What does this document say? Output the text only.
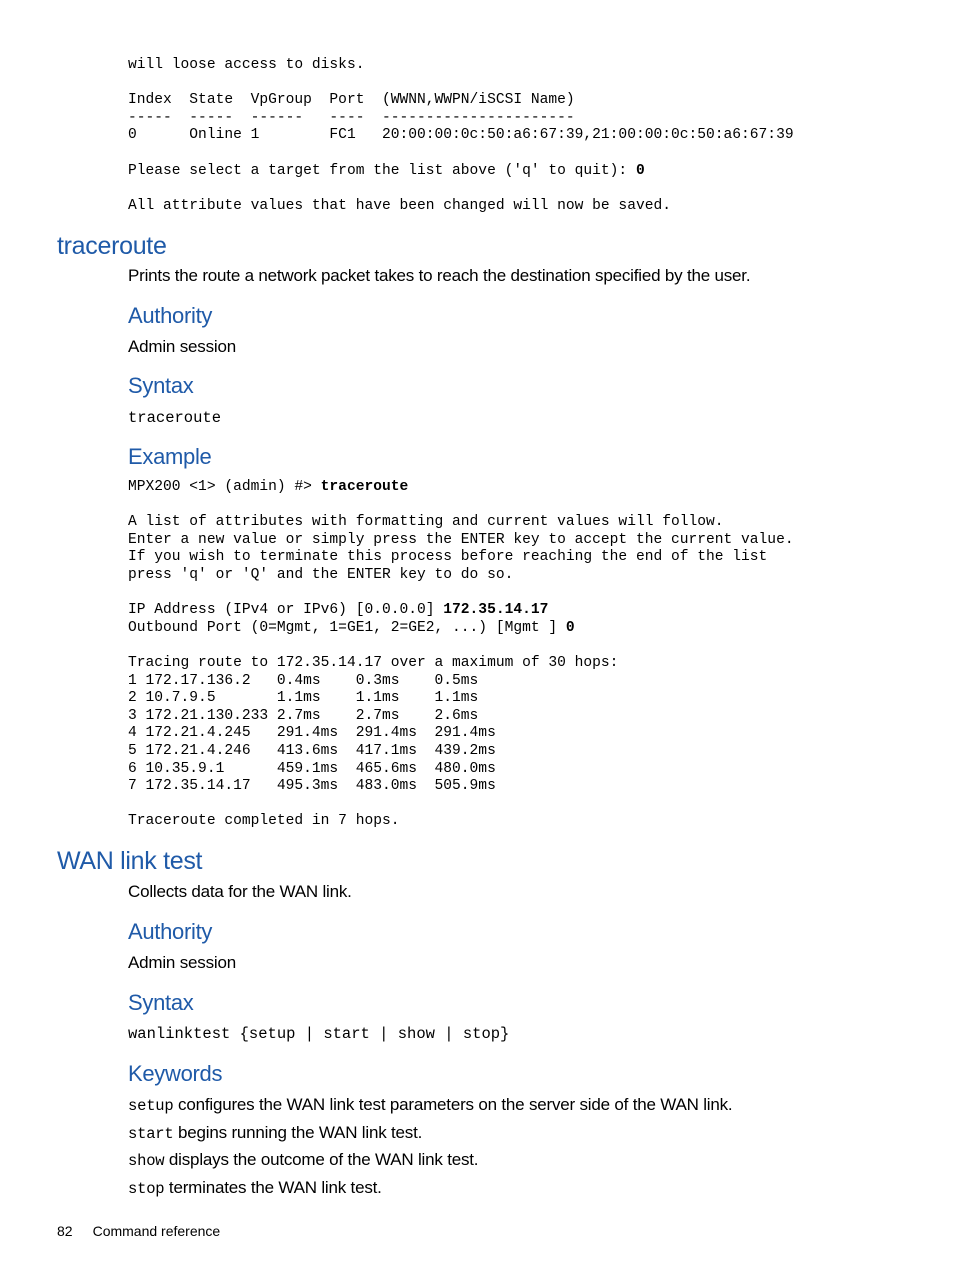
will loose access to disks.

Index  State  VpGroup  Port  (WWNN,WWPN/iSCSI Name)
-----  -----  ------   ----  ----------------------
0      Online 1        FC1   20:00:00:0c:50:a6:67:39,21:00:00:0c:50:a6:67:39

Please select a target from the list above ('q' to quit): 0

All attribute values that have been changed will now be saved.
traceroute

Prints the route a network packet takes to reach the destination specified by the user.

Authority

Admin session

Syntax
traceroute
Example
MPX200 <1> (admin) #> traceroute

A list of attributes with formatting and current values will follow.
Enter a new value or simply press the ENTER key to accept the current value.
If you wish to terminate this process before reaching the end of the list
press 'q' or 'Q' and the ENTER key to do so.

IP Address (IPv4 or IPv6) [0.0.0.0] 172.35.14.17
Outbound Port (0=Mgmt, 1=GE1, 2=GE2, ...) [Mgmt ] 0

Tracing route to 172.35.14.17 over a maximum of 30 hops:
1 172.17.136.2   0.4ms    0.3ms    0.5ms
2 10.7.9.5       1.1ms    1.1ms    1.1ms
3 172.21.130.233 2.7ms    2.7ms    2.6ms
4 172.21.4.245   291.4ms  291.4ms  291.4ms
5 172.21.4.246   413.6ms  417.1ms  439.2ms
6 10.35.9.1      459.1ms  465.6ms  480.0ms
7 172.35.14.17   495.3ms  483.0ms  505.9ms

Traceroute completed in 7 hops.
WAN link test

Collects data for the WAN link.

Authority

Admin session

Syntax
wanlinktest {setup | start | show | stop}
Keywords

setup configures the WAN link test parameters on the server side of the WAN link.

start begins running the WAN link test.

show displays the outcome of the WAN link test.

stop terminates the WAN link test.

82 Command reference
